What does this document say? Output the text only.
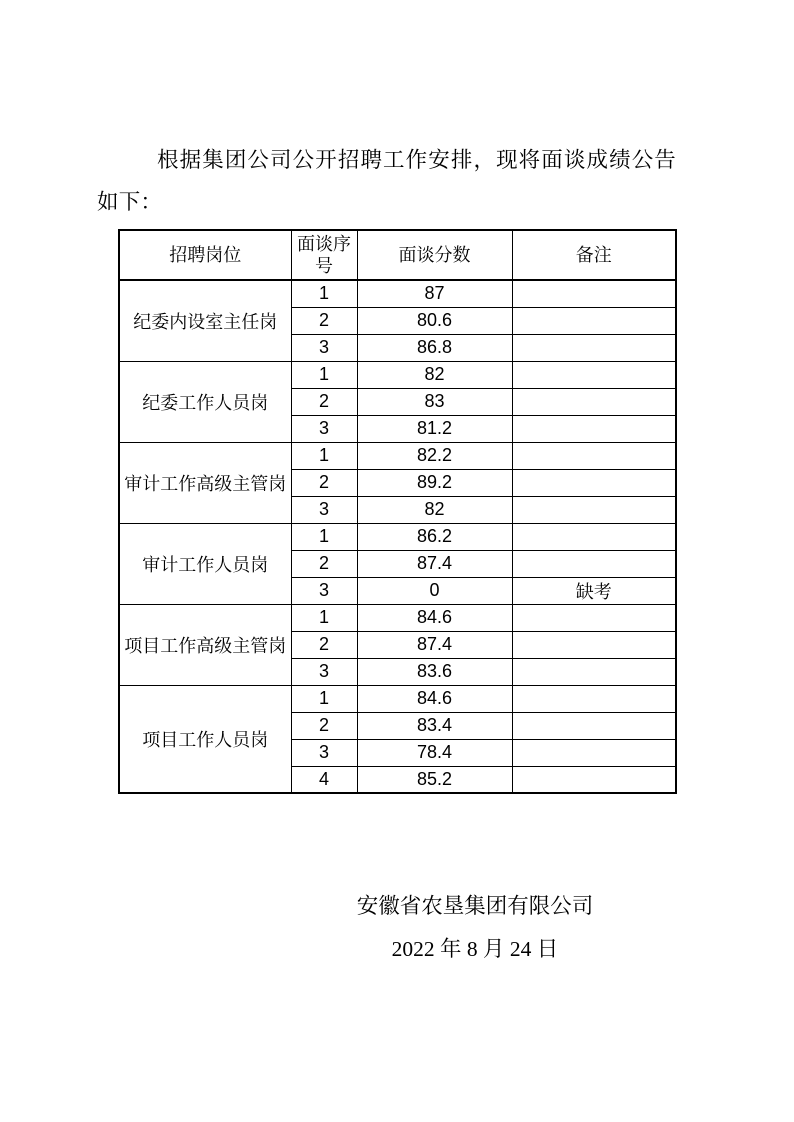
根据集团公司公开招聘工作安排，现将面谈成绩公告如下：

招聘岗位	面谈序号	面谈分数	备注
纪委内设室主任岗	1	87	
	2	80.6	
	3	86.8	
纪委工作人员岗	1	82	
	2	83	
	3	81.2	
审计工作高级主管岗	1	82.2	
	2	89.2	
	3	82	
审计工作人员岗	1	86.2	
	2	87.4	
	3	0	缺考
项目工作高级主管岗	1	84.6	
	2	87.4	
	3	83.6	
项目工作人员岗	1	84.6	
	2	83.4	
	3	78.4	
	4	85.2	
安徽省农垦集团有限公司
2022 年 8 月 24 日
